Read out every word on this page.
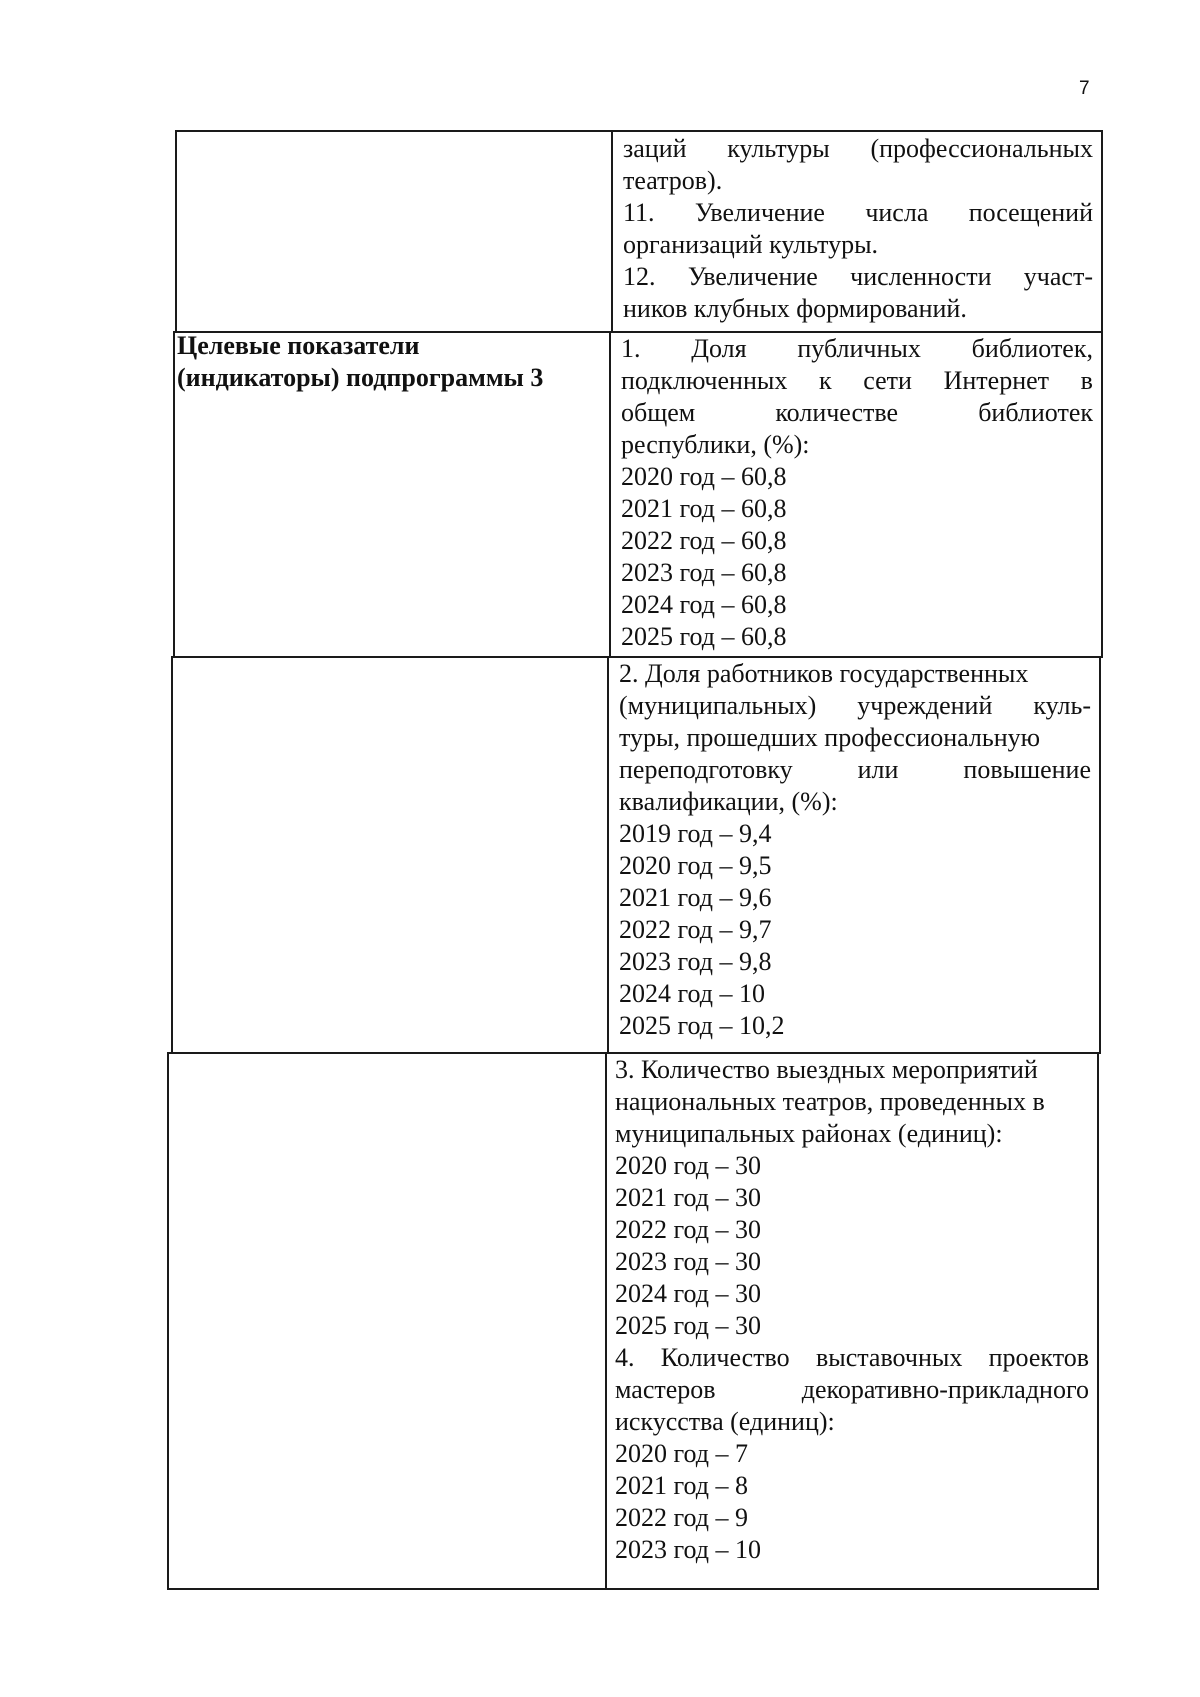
7
заций культуры (профессиональных
театров).
11. Увеличение числа посещений
организаций культуры.
12. Увеличение численности участ-
ников клубных формирований.
Целевые показатели
(индикаторы) подпрограммы 3
1. Доля публичных библиотек,
подключенных к сети Интернет в
общем	количестве	библиотек
республики, (%):
2020 год – 60,8
2021 год – 60,8
2022 год – 60,8
2023 год – 60,8
2024 год – 60,8
2025 год – 60,8
2. Доля работников государственных
(муниципальных) учреждений куль-
туры, прошедших профессиональную
переподготовку или повышение
квалификации, (%):
2019 год – 9,4
2020 год – 9,5
2021 год – 9,6
2022 год – 9,7
2023 год – 9,8
2024 год – 10
2025 год – 10,2
3. Количество выездных мероприятий
национальных театров, проведенных в
муниципальных районах (единиц):
2020 год – 30
2021 год – 30
2022 год – 30
2023 год – 30
2024 год – 30
2025 год – 30
4. Количество выставочных проектов
мастеров	декоративно-прикладного
искусства (единиц):
2020 год – 7
2021 год – 8
2022 год – 9
2023 год – 10
